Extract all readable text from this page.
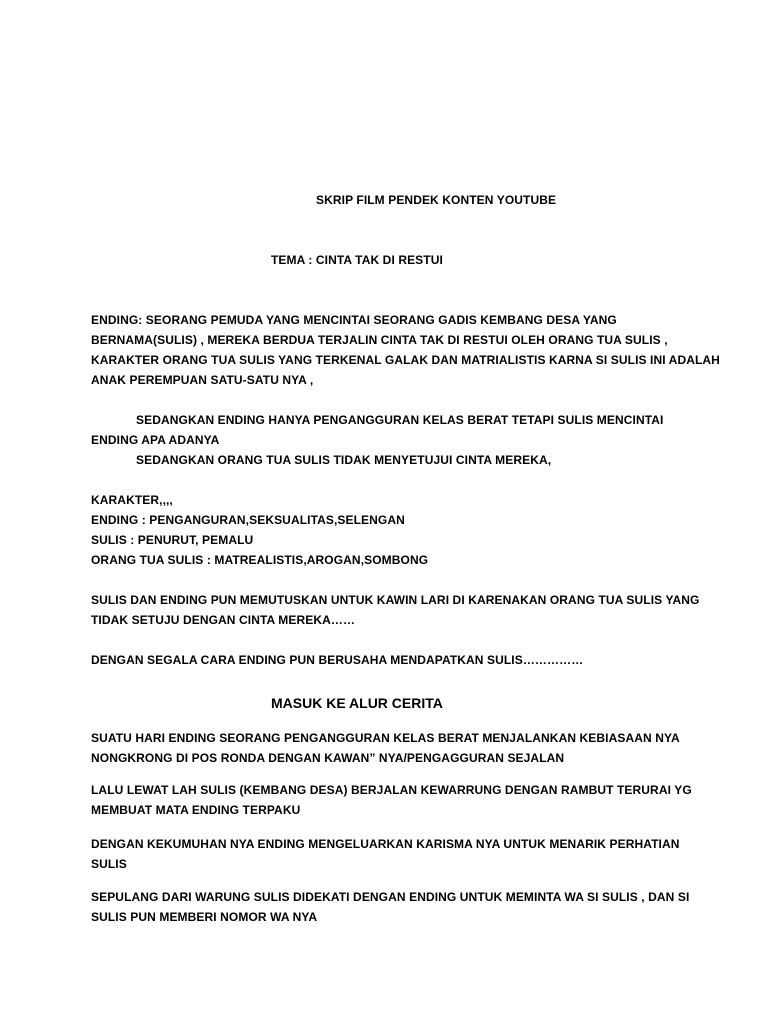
SKRIP FILM PENDEK KONTEN YOUTUBE
TEMA : CINTA TAK DI RESTUI
ENDING: SEORANG PEMUDA YANG MENCINTAI SEORANG GADIS KEMBANG DESA YANG
BERNAMA(SULIS) , MEREKA BERDUA TERJALIN CINTA TAK DI RESTUI OLEH ORANG TUA SULIS ,
KARAKTER ORANG TUA SULIS YANG TERKENAL GALAK DAN MATRIALISTIS KARNA SI SULIS INI ADALAH
ANAK PEREMPUAN SATU-SATU NYA ,
SEDANGKAN ENDING HANYA PENGANGGURAN KELAS BERAT TETAPI SULIS MENCINTAI
ENDING APA ADANYA
SEDANGKAN ORANG TUA SULIS TIDAK MENYETUJUI CINTA MEREKA,
KARAKTER,,,,
ENDING : PENGANGURAN,SEKSUALITAS,SELENGAN
SULIS : PENURUT, PEMALU
ORANG TUA SULIS : MATREALISTIS,AROGAN,SOMBONG
SULIS DAN ENDING PUN MEMUTUSKAN UNTUK KAWIN LARI DI KARENAKAN ORANG TUA SULIS YANG
TIDAK SETUJU DENGAN CINTA MEREKA……
DENGAN SEGALA CARA ENDING PUN BERUSAHA MENDAPATKAN SULIS……………
MASUK KE ALUR CERITA
SUATU HARI ENDING SEORANG PENGANGGURAN KELAS BERAT MENJALANKAN KEBIASAAN NYA
NONGKRONG DI POS RONDA DENGAN KAWAN” NYA/PENGAGGURAN SEJALAN
LALU LEWAT LAH SULIS (KEMBANG DESA) BERJALAN KEWARRUNG DENGAN RAMBUT TERURAI YG
MEMBUAT MATA ENDING TERPAKU
DENGAN KEKUMUHAN NYA ENDING MENGELUARKAN KARISMA NYA UNTUK MENARIK PERHATIAN
SULIS
SEPULANG DARI WARUNG SULIS DIDEKATI DENGAN ENDING UNTUK MEMINTA WA SI SULIS , DAN SI
SULIS PUN MEMBERI NOMOR WA NYA
